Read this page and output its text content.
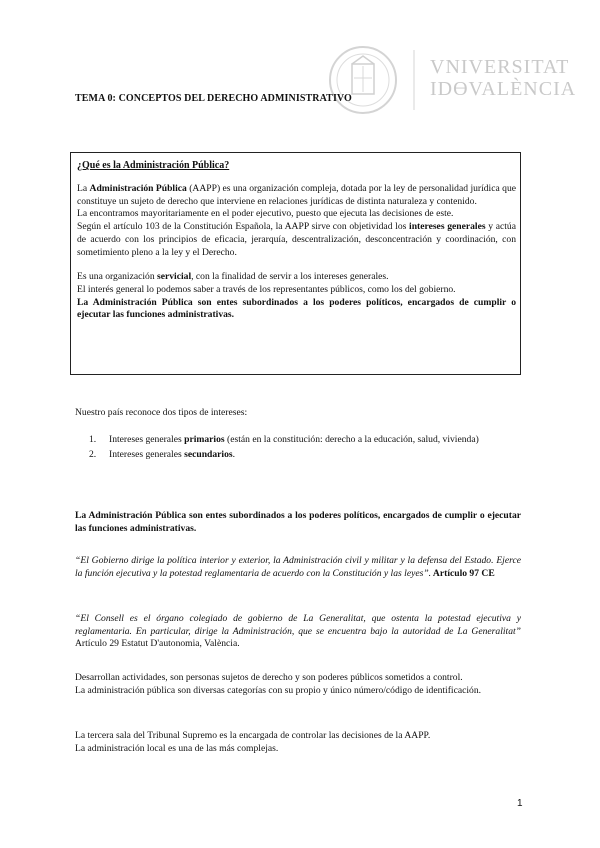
VNIVERSITAT
IDƟVALÈNCIA
TEMA 0: CONCEPTOS DEL DERECHO ADMINISTRATIVO
¿Qué es la Administración Pública?

La Administración Pública (AAPP) es una organización compleja, dotada por la ley de personalidad jurídica que constituye un sujeto de derecho que interviene en relaciones jurídicas de distinta naturaleza y contenido.

La encontramos mayoritariamente en el poder ejecutivo, puesto que ejecuta las decisiones de este.

Según el artículo 103 de la Constitución Española, la AAPP sirve con objetividad los intereses generales y actúa de acuerdo con los principios de eficacia, jerarquía, descentralización, desconcentración y coordinación, con sometimiento pleno a la ley y el Derecho.

Es una organización servicial, con la finalidad de servir a los intereses generales.

El interés general lo podemos saber a través de los representantes públicos, como los del gobierno.

La Administración Pública son entes subordinados a los poderes políticos, encargados de cumplir o ejecutar las funciones administrativas.

Nuestro país reconoce dos tipos de intereses:
1. Intereses generales primarios (están en la constitución: derecho a la educación, salud, vivienda)
2. Intereses generales secundarios.

La Administración Pública son entes subordinados a los poderes políticos, encargados de cumplir o ejecutar las funciones administrativas.

“El Gobierno dirige la política interior y exterior, la Administración civil y militar y la defensa del Estado. Ejerce la función ejecutiva y la potestad reglamentaria de acuerdo con la Constitución y las leyes”. Artículo 97 CE

“El Consell es el órgano colegiado de gobierno de La Generalitat, que ostenta la potestad ejecutiva y reglamentaria. En particular, dirige la Administración, que se encuentra bajo la autoridad de La Generalitat” Artículo 29 Estatut D'autonomia, València.

Desarrollan actividades, son personas sujetos de derecho y son poderes públicos sometidos a control.

La administración pública son diversas categorías con su propio y único número/código de identificación.

La tercera sala del Tribunal Supremo es la encargada de controlar las decisiones de la AAPP.

La administración local es una de las más complejas.

1
